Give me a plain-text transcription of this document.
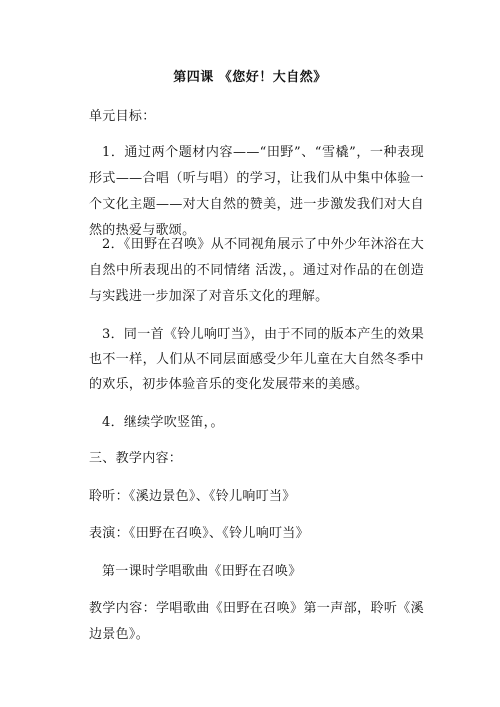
第四课 《您好！大自然》
单元目标：
1．通过两个题材内容——“田野”、“雪橇”，一种表现形式——合唱（听与唱）的学习，让我们从中集中体验一个文化主题——对大自然的赞美，进一步激发我们对大自然的热爱与歌颂。
2．《田野在召唤》从不同视角展示了中外少年沐浴在大自然中所表现出的不同情绪 活泼，。通过对作品的在创造与实践进一步加深了对音乐文化的理解。
3．同一首《铃儿响叮当》，由于不同的版本产生的效果也不一样，人们从不同层面感受少年儿童在大自然冬季中的欢乐，初步体验音乐的变化发展带来的美感。
4．继续学吹竖笛，。
三、教学内容：
聆听：《溪边景色》、《铃儿响叮当》
表演：《田野在召唤》、《铃儿响叮当》
第一课时学唱歌曲《田野在召唤》
教学内容：学唱歌曲《田野在召唤》第一声部，聆听《溪边景色》。
